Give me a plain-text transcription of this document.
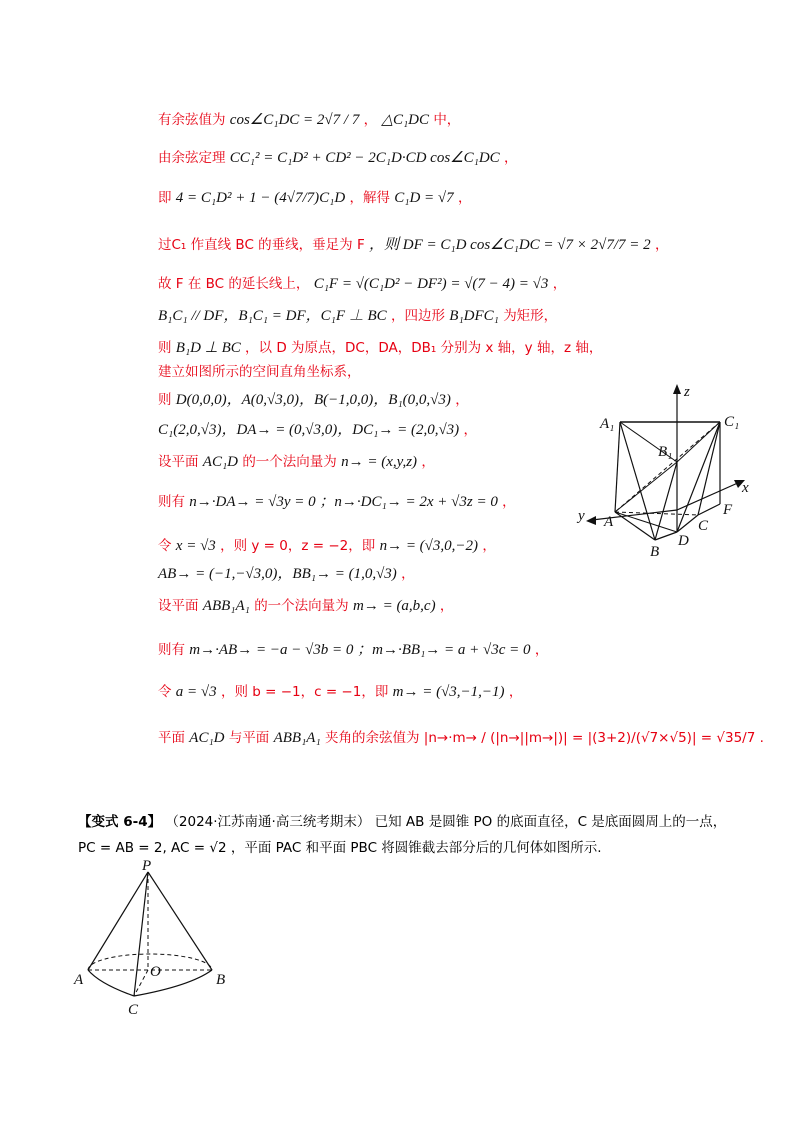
有余弦值为 cos∠C₁DC = 2√7 / 7 ， △C₁DC 中，
由余弦定理 CC₁² = C₁D² + CD² − 2C₁D·CD cos∠C₁DC ，
即 4 = C₁D² + 1 − (4√7/7)C₁D ，解得 C₁D = √7 ，
过C₁ 作直线 BC 的垂线，垂足为 F ，则 DF = C₁D cos∠C₁DC = √7 × 2√7/7 = 2 ，
故 F 在 BC 的延长线上， C₁F = √(C₁D² − DF²) = √(7 − 4) = √3 ，
B₁C₁ // DF，B₁C₁ = DF，C₁F ⊥ BC ，四边形 B₁DFC₁ 为矩形，
则 B₁D ⊥ BC ，以 D 为原点，DC，DA，DB₁ 分别为 x 轴，y 轴，z 轴，
建立如图所示的空间直角坐标系，
则 D(0,0,0)，A(0,√3,0)，B(−1,0,0)，B₁(0,0,√3) ，
C₁(2,0,√3)，DA→ = (0,√3,0)，DC₁→ = (2,0,√3) ，
设平面 AC₁D 的一个法向量为 n→ = (x,y,z) ，
则有 n→·DA→ = √3y = 0 ；n→·DC₁→ = 2x + √3z = 0 ，
令 x = √3 ，则 y = 0，z = −2，即 n→ = (√3,0,−2) ，
AB→ = (−1,−√3,0)，BB₁→ = (1,0,√3) ，
设平面 ABB₁A₁ 的一个法向量为 m→ = (a,b,c) ，
则有 m→·AB→ = −a − √3b = 0 ；m→·BB₁→ = a + √3c = 0 ，
令 a = √3 ，则 b = −1，c = −1，即 m→ = (√3,−1,−1) ，
平面 AC₁D 与平面 ABB₁A₁ 夹角的余弦值为 |n→·m→ / (|n→||m→|)| = |(3+2)/(√7×√5)| = √35/7 .
z
x
y
A₁	C₁
B₁
A
B
C
D
F
【变式 6-4】 （2024·江苏南通·高三统考期末） 已知 AB 是圆锥 PO 的底面直径，C 是底面圆周上的一点，
PC = AB = 2, AC = √2 ，平面 PAC 和平面 PBC 将圆锥截去部分后的几何体如图所示.
P
A	B
O
C
